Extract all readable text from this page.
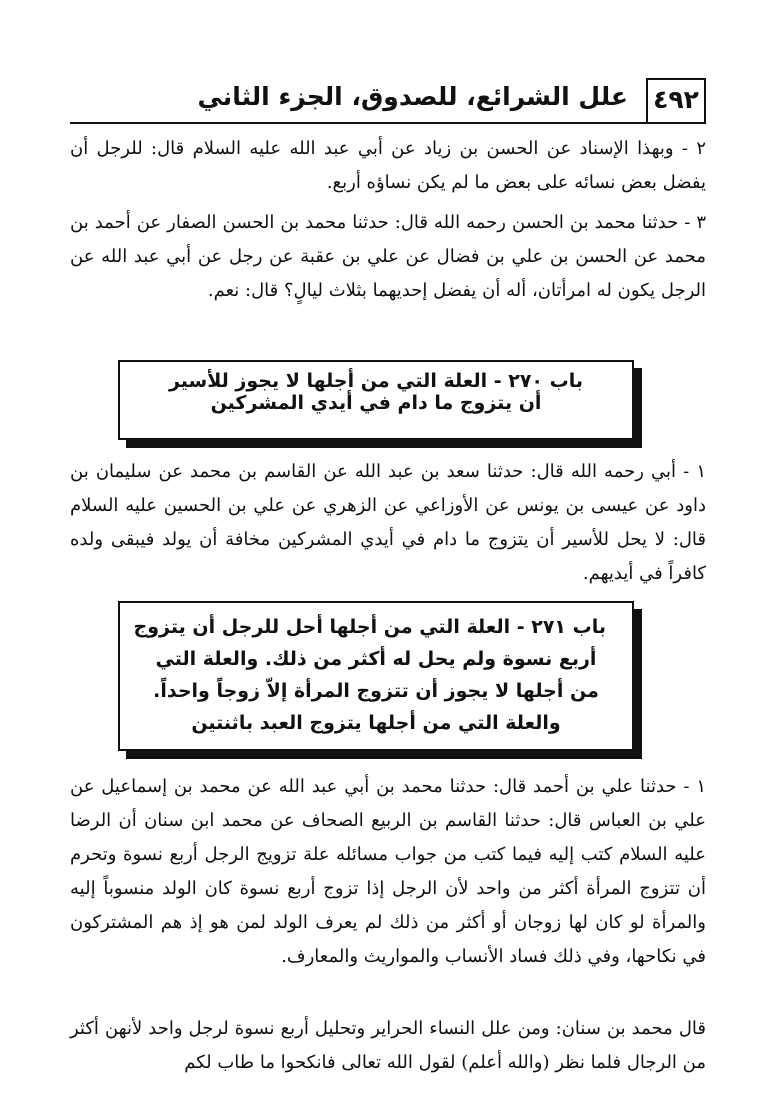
٤٩٢
علل الشرائع، للصدوق، الجزء الثاني

٢ - وبهذا الإسناد عن الحسن بن زياد عن أبي عبد الله عليه السلام قال: للرجل أن يفضل بعض نسائه على بعض ما لم يكن نساؤه أربع.

٣ - حدثنا محمد بن الحسن رحمه الله قال: حدثنا محمد بن الحسن الصفار عن أحمد بن محمد عن الحسن بن علي بن فضال عن علي بن عقبة عن رجل عن أبي عبد الله عن الرجل يكون له امرأتان، أله أن يفضل إحديهما بثلاث ليالٍ؟ قال: نعم.

باب ٢٧٠ - العلة التي من أجلها لا يجوز للأسير
أن يتزوج ما دام في أيدي المشركين

١ - أبي رحمه الله قال: حدثنا سعد بن عبد الله عن القاسم بن محمد عن سليمان بن داود عن عيسى بن يونس عن الأوزاعي عن الزهري عن علي بن الحسين عليه السلام قال: لا يحل للأسير أن يتزوج ما دام في أيدي المشركين مخافة أن يولد فيبقى ولده كافراً في أيديهم.

باب ٢٧١ - العلة التي من أجلها أحل للرجل أن يتزوج
أربع نسوة ولم يحل له أكثر من ذلك. والعلة التي
من أجلها لا يجوز أن تتزوج المرأة إلاّ زوجاً واحداً.
والعلة التي من أجلها يتزوج العبد باثنتين

١ - حدثنا علي بن أحمد قال: حدثنا محمد بن أبي عبد الله عن محمد بن إسماعيل عن علي بن العباس قال: حدثنا القاسم بن الربيع الصحاف عن محمد ابن سنان أن الرضا عليه السلام كتب إليه فيما كتب من جواب مسائله علة تزويج الرجل أربع نسوة وتحرم أن تتزوج المرأة أكثر من واحد لأن الرجل إذا تزوج أربع نسوة كان الولد منسوباً إليه والمرأة لو كان لها زوجان أو أكثر من ذلك لم يعرف الولد لمن هو إذ هم المشتركون في نكاحها، وفي ذلك فساد الأنساب والمواريث والمعارف.

قال محمد بن سنان: ومن علل النساء الحراير وتحليل أربع نسوة لرجل واحد لأنهن أكثر من الرجال فلما نظر (والله أعلم) لقول الله تعالى فانكحوا ما طاب لكم
